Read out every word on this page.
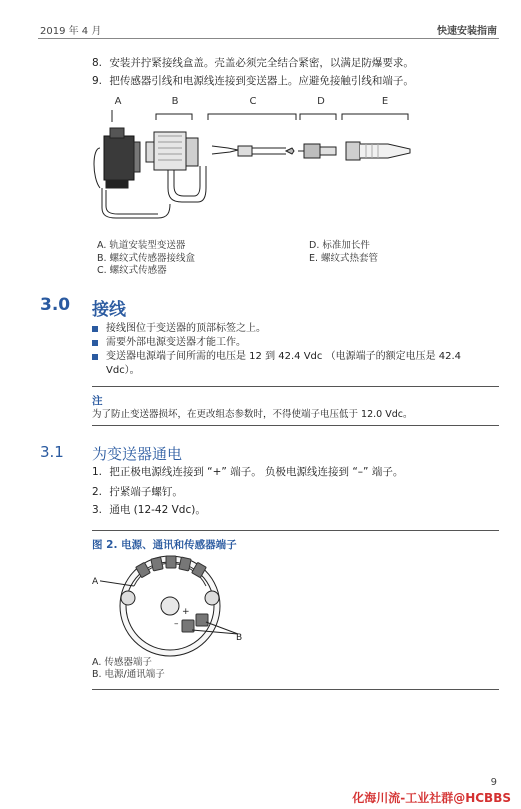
2019 年 4 月	快速安装指南
8. 安装并拧紧接线盒盖。壳盖必须完全结合紧密，以满足防爆要求。
9. 把传感器引线和电源线连接到变送器上。应避免接触引线和端子。
A	B	C	D	E
A. 轨道安装型变送器
B. 螺纹式传感器接线盒
C. 螺纹式传感器
D. 标准加长件
E. 螺纹式热套管
3.0 接线
接线图位于变送器的顶部标签之上。
需要外部电源变送器才能工作。
变送器电源端子间所需的电压是 12 到 42.4 Vdc （电源端子的额定电压是 42.4 Vdc）。
注
为了防止变送器损坏，在更改组态参数时，不得使端子电压低于 12.0 Vdc。
3.1 为变送器通电
1. 把正极电源线连接到 “+” 端子。 负极电源线连接到 “–” 端子。
2. 拧紧端子螺钉。
3. 通电 (12-42 Vdc)。
图 2. 电源、通讯和传感器端子
A
B
+
–
A. 传感器端子
B. 电源/通讯端子
9
化海川流-工业社群@HCBBS
